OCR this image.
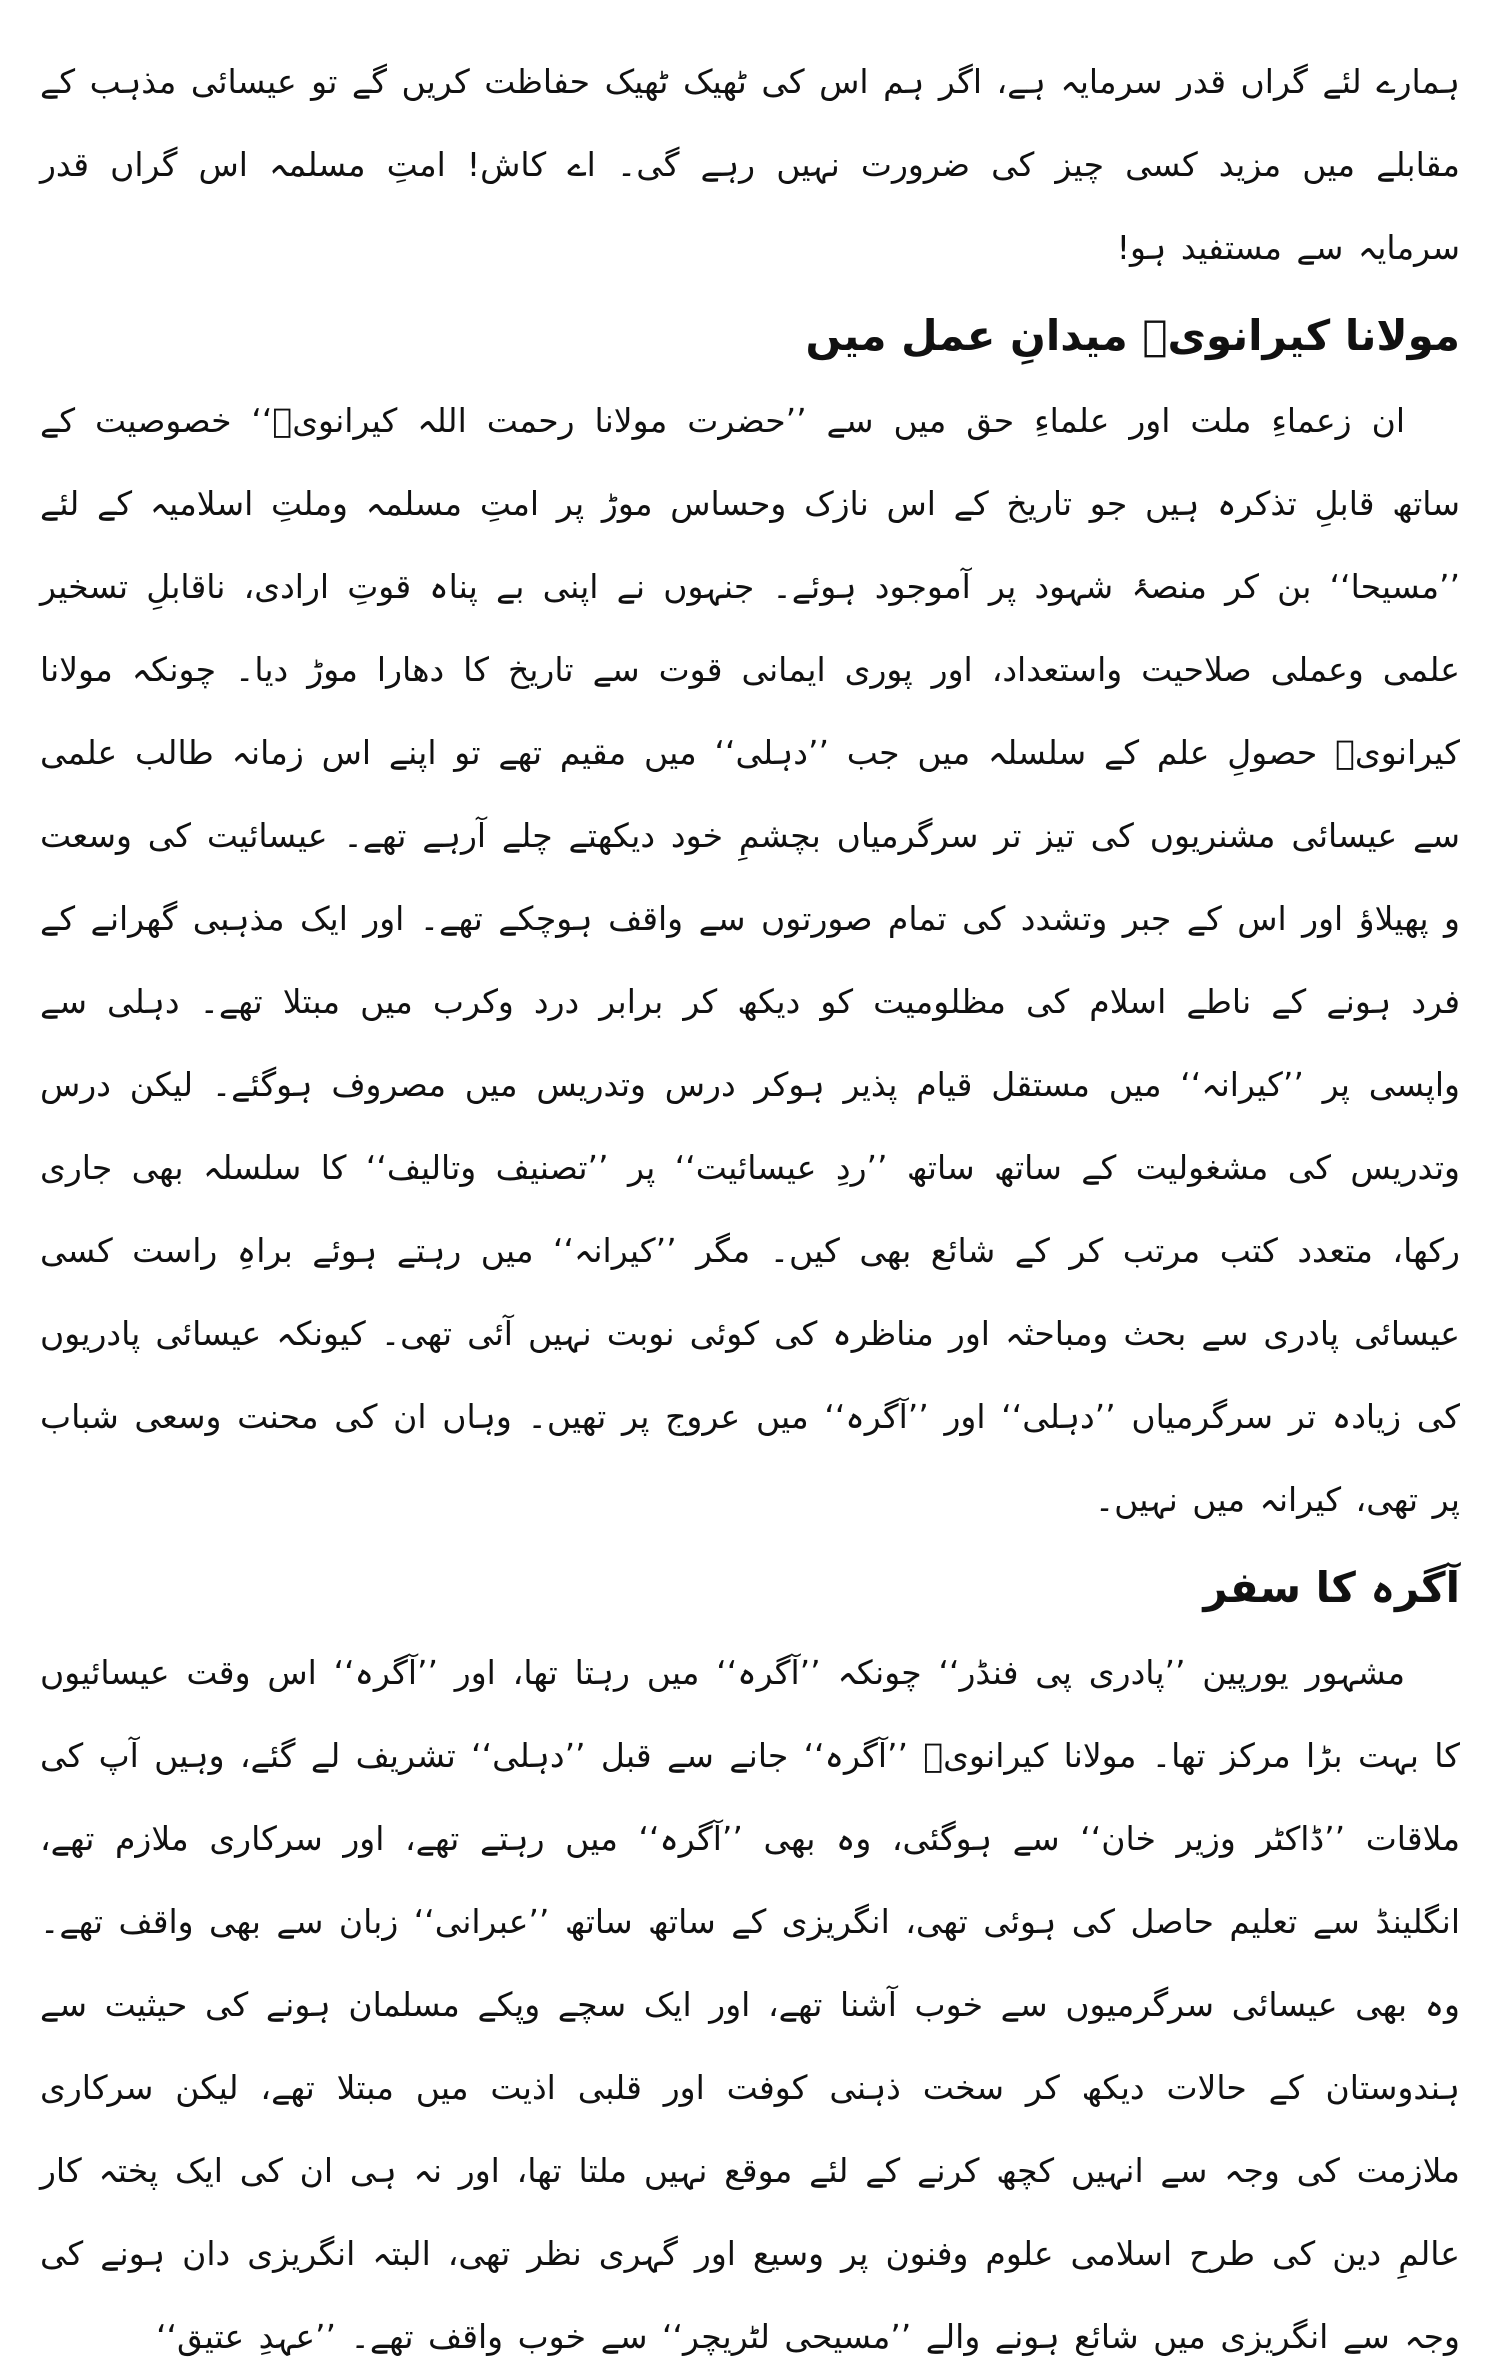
ہمارے لئے گراں قدر سرمایہ ہے، اگر ہم اس کی ٹھیک ٹھیک حفاظت کریں گے تو عیسائی مذہب کے مقابلے میں مزید کسی چیز کی ضرورت نہیں رہے گی۔ اے کاش! امتِ مسلمہ اس گراں قدر سرمایہ سے مستفید ہو!

مولانا کیرانویؒ میدانِ عمل میں

ان زعماءِ ملت اور علماءِ حق میں سے ’’حضرت مولانا رحمت اللہ کیرانویؒ‘‘ خصوصیت کے ساتھ قابلِ تذکرہ ہیں جو تاریخ کے اس نازک وحساس موڑ پر امتِ مسلمہ وملتِ اسلامیہ کے لئے ’’مسیحا‘‘ بن کر منصۂ شہود پر آموجود ہوئے۔ جنہوں نے اپنی بے پناہ قوتِ ارادی، ناقابلِ تسخیر علمی وعملی صلاحیت واستعداد، اور پوری ایمانی قوت سے تاریخ کا دھارا موڑ دیا۔ چونکہ مولانا کیرانویؒ حصولِ علم کے سلسلہ میں جب ’’دہلی‘‘ میں مقیم تھے تو اپنے اس زمانہ طالب علمی سے عیسائی مشنریوں کی تیز تر سرگرمیاں بچشمِ خود دیکھتے چلے آرہے تھے۔ عیسائیت کی وسعت و پھیلاؤ اور اس کے جبر وتشدد کی تمام صورتوں سے واقف ہوچکے تھے۔ اور ایک مذہبی گھرانے کے فرد ہونے کے ناطے اسلام کی مظلومیت کو دیکھ کر برابر درد وکرب میں مبتلا تھے۔ دہلی سے واپسی پر ’’کیرانہ‘‘ میں مستقل قیام پذیر ہوکر درس وتدریس میں مصروف ہوگئے۔ لیکن درس وتدریس کی مشغولیت کے ساتھ ساتھ ’’ردِ عیسائیت‘‘ پر ’’تصنیف وتالیف‘‘ کا سلسلہ بھی جاری رکھا، متعدد کتب مرتب کر کے شائع بھی کیں۔ مگر ’’کیرانہ‘‘ میں رہتے ہوئے براہِ راست کسی عیسائی پادری سے بحث ومباحثہ اور مناظرہ کی کوئی نوبت نہیں آئی تھی۔ کیونکہ عیسائی پادریوں کی زیادہ تر سرگرمیاں ’’دہلی‘‘ اور ’’آگرہ‘‘ میں عروج پر تھیں۔ وہاں ان کی محنت وسعی شباب پر تھی، کیرانہ میں نہیں۔

آگرہ کا سفر

مشہور یورپین ’’پادری پی فنڈر‘‘ چونکہ ’’آگرہ‘‘ میں رہتا تھا، اور ’’آگرہ‘‘ اس وقت عیسائیوں کا بہت بڑا مرکز تھا۔ مولانا کیرانویؒ ’’آگرہ‘‘ جانے سے قبل ’’دہلی‘‘ تشریف لے گئے، وہیں آپ کی ملاقات ’’ڈاکٹر وزیر خان‘‘ سے ہوگئی، وہ بھی ’’آگرہ‘‘ میں رہتے تھے، اور سرکاری ملازم تھے، انگلینڈ سے تعلیم حاصل کی ہوئی تھی، انگریزی کے ساتھ ساتھ ’’عبرانی‘‘ زبان سے بھی واقف تھے۔ وہ بھی عیسائی سرگرمیوں سے خوب آشنا تھے، اور ایک سچے وپکے مسلمان ہونے کی حیثیت سے ہندوستان کے حالات دیکھ کر سخت ذہنی کوفت اور قلبی اذیت میں مبتلا تھے، لیکن سرکاری ملازمت کی وجہ سے انہیں کچھ کرنے کے لئے موقع نہیں ملتا تھا، اور نہ ہی ان کی ایک پختہ کار عالمِ دین کی طرح اسلامی علوم وفنون پر وسیع اور گہری نظر تھی، البتہ انگریزی دان ہونے کی وجہ سے انگریزی میں شائع ہونے والے ’’مسیحی لٹریچر‘‘ سے خوب واقف تھے۔ ’’عہدِ عتیق‘‘
